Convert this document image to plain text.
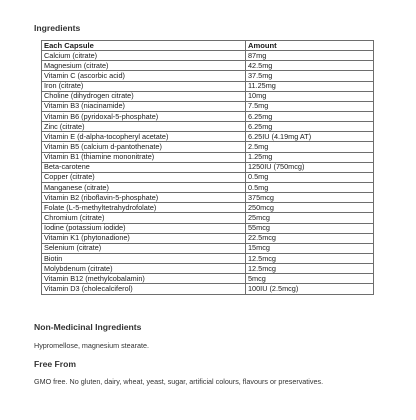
Ingredients
Each Capsule	Amount
Calcium (citrate)	87mg
Magnesium (citrate)	42.5mg
Vitamin C (ascorbic acid)	37.5mg
Iron (citrate)	11.25mg
Choline (dihydrogen citrate)	10mg
Vitamin B3 (niacinamide)	7.5mg
Vitamin B6 (pyridoxal-5-phosphate)	6.25mg
Zinc (citrate)	6.25mg
Vitamin E (d-alpha-tocopheryl acetate)	6.25IU (4.19mg AT)
Vitamin B5 (calcium d-pantothenate)	2.5mg
Vitamin B1 (thiamine mononitrate)	1.25mg
Beta-carotene	1250IU (750mcg)
Copper (citrate)	0.5mg
Manganese (citrate)	0.5mg
Vitamin B2 (riboflavin-5-phosphate)	375mcg
Folate (L-5-methyltetrahydrofolate)	250mcg
Chromium (citrate)	25mcg
Iodine (potassium iodide)	55mcg
Vitamin K1 (phytonadione)	22.5mcg
Selenium (citrate)	15mcg
Biotin	12.5mcg
Molybdenum (citrate)	12.5mcg
Vitamin B12 (methylcobalamin)	5mcg
Vitamin D3 (cholecalciferol)	100IU (2.5mcg)
Non-Medicinal Ingredients
Hypromellose, magnesium stearate.
Free From
GMO free. No gluten, dairy, wheat, yeast, sugar, artificial colours, flavours or preservatives.
